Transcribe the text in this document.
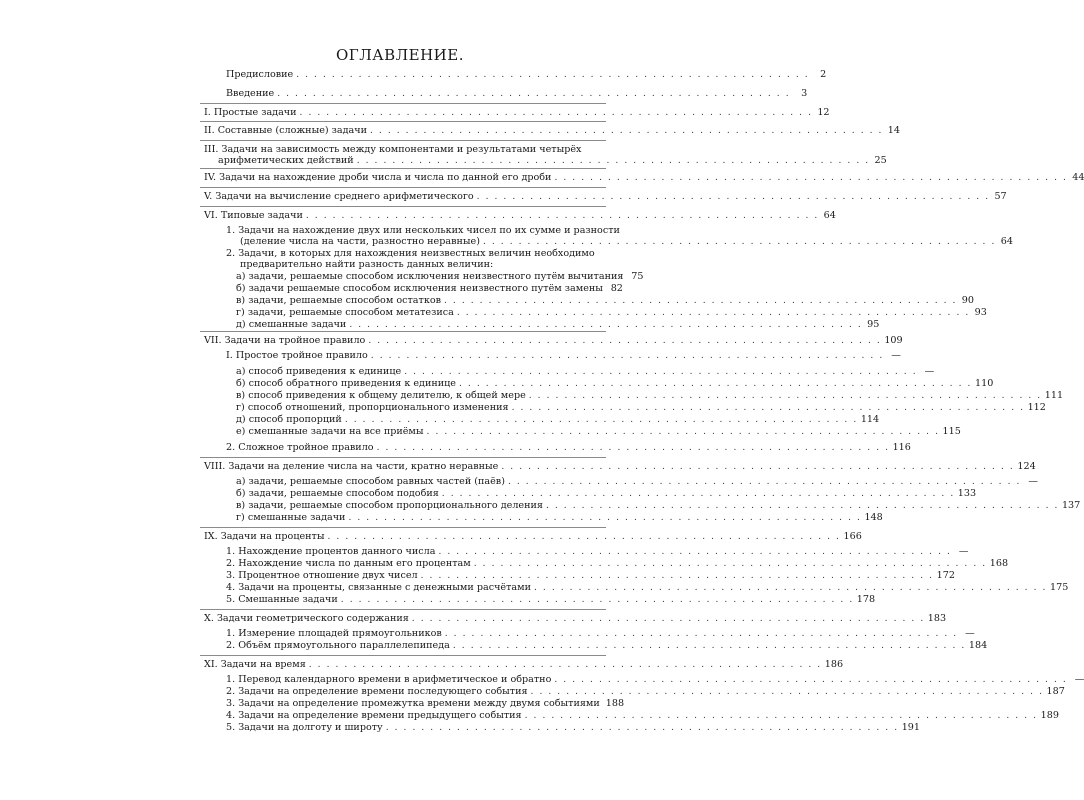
ОГЛАВЛЕНИЕ.
Предисловие . . . . . . . . . . . . . . . . . . . . . . . . . . . . . . . . . . . . . . . . . . . . . . . . . . . . . . . . . .	2
Введение . . . . . . . . . . . . . . . . . . . . . . . . . . . . . . . . . . . . . . . . . . . . . . . . . . . . . . . . . .	3
I. Простые задачи . . . . . . . . . . . . . . . . . . . . . . . . . . . . . . . . . . . . . . . . . . . . . . . . . . . . . . . . . . 12
II. Составные (сложные) задачи . . . . . . . . . . . . . . . . . . . . . . . . . . . . . . . . . . . . . . . . . . . . . . . . . . . . . . . . . . 14
III. Задачи на зависимость между компонентами и результатами четырёх
арифметических действий . . . . . . . . . . . . . . . . . . . . . . . . . . . . . . . . . . . . . . . . . . . . . . . . . . . . . . . . . . 25
IV. Задачи на нахождение дроби числа и числа по данной его дроби . . . . . . . . . . . . . . . . . . . . . . . . . . . . . . . . . . . . . . . . . . . . . . . . . . . . . . . . . . 44
V. Задачи на вычисление среднего арифметического . . . . . . . . . . . . . . . . . . . . . . . . . . . . . . . . . . . . . . . . . . . . . . . . . . . . . . . . . . 57
VI. Типовые задачи . . . . . . . . . . . . . . . . . . . . . . . . . . . . . . . . . . . . . . . . . . . . . . . . . . . . . . . . . . 64
1. Задачи на нахождение двух или нескольких чисел по их сумме и разности
(деление числа на части, разностно неравные) . . . . . . . . . . . . . . . . . . . . . . . . . . . . . . . . . . . . . . . . . . . . . . . . . . . . . . . . . . 64
2. Задачи, в которых для нахождения неизвестных величин необходимо
предварительно найти разность данных величин:
а) задачи, решаемые способом исключения неизвестного путём вычитания 75
б) задачи решаемые способом исключения неизвестного путём замены 82
в) задачи, решаемые способом остатков . . . . . . . . . . . . . . . . . . . . . . . . . . . . . . . . . . . . . . . . . . . . . . . . . . . . . . . . . . 90
г) задачи, решаемые способом метатезиса . . . . . . . . . . . . . . . . . . . . . . . . . . . . . . . . . . . . . . . . . . . . . . . . . . . . . . . . . . 93
д) смешанные задачи . . . . . . . . . . . . . . . . . . . . . . . . . . . . . . . . . . . . . . . . . . . . . . . . . . . . . . . . . . 95
VII. Задачи на тройное правило . . . . . . . . . . . . . . . . . . . . . . . . . . . . . . . . . . . . . . . . . . . . . . . . . . . . . . . . . . 109
I. Простое тройное правило . . . . . . . . . . . . . . . . . . . . . . . . . . . . . . . . . . . . . . . . . . . . . . . . . . . . . . . . . . —
а) способ приведения к единице . . . . . . . . . . . . . . . . . . . . . . . . . . . . . . . . . . . . . . . . . . . . . . . . . . . . . . . . . . —
б) способ обратного приведения к единице . . . . . . . . . . . . . . . . . . . . . . . . . . . . . . . . . . . . . . . . . . . . . . . . . . . . . . . . . . 110
в) способ приведения к общему делителю, к общей мере . . . . . . . . . . . . . . . . . . . . . . . . . . . . . . . . . . . . . . . . . . . . . . . . . . . . . . . . . . 111
г) способ отношений, пропорционального изменения . . . . . . . . . . . . . . . . . . . . . . . . . . . . . . . . . . . . . . . . . . . . . . . . . . . . . . . . . . 112
д) способ пропорций . . . . . . . . . . . . . . . . . . . . . . . . . . . . . . . . . . . . . . . . . . . . . . . . . . . . . . . . . . 114
е) смешанные задачи на все приёмы . . . . . . . . . . . . . . . . . . . . . . . . . . . . . . . . . . . . . . . . . . . . . . . . . . . . . . . . . . 115
2. Сложное тройное правило . . . . . . . . . . . . . . . . . . . . . . . . . . . . . . . . . . . . . . . . . . . . . . . . . . . . . . . . . . 116
VIII. Задачи на деление числа на части, кратно неравные . . . . . . . . . . . . . . . . . . . . . . . . . . . . . . . . . . . . . . . . . . . . . . . . . . . . . . . . . . 124
а) задачи, решаемые способом равных частей (паёв) . . . . . . . . . . . . . . . . . . . . . . . . . . . . . . . . . . . . . . . . . . . . . . . . . . . . . . . . . . —
б) задачи, решаемые способом подобия . . . . . . . . . . . . . . . . . . . . . . . . . . . . . . . . . . . . . . . . . . . . . . . . . . . . . . . . . . 133
в) задачи, решаемые способом пропорционального деления . . . . . . . . . . . . . . . . . . . . . . . . . . . . . . . . . . . . . . . . . . . . . . . . . . . . . . . . . . 137
г) смешанные задачи . . . . . . . . . . . . . . . . . . . . . . . . . . . . . . . . . . . . . . . . . . . . . . . . . . . . . . . . . . 148
IX. Задачи на проценты . . . . . . . . . . . . . . . . . . . . . . . . . . . . . . . . . . . . . . . . . . . . . . . . . . . . . . . . . . 166
1. Нахождение процентов данного числа . . . . . . . . . . . . . . . . . . . . . . . . . . . . . . . . . . . . . . . . . . . . . . . . . . . . . . . . . . —
2. Нахождение числа по данным его процентам . . . . . . . . . . . . . . . . . . . . . . . . . . . . . . . . . . . . . . . . . . . . . . . . . . . . . . . . . . 168
3. Процентное отношение двух чисел . . . . . . . . . . . . . . . . . . . . . . . . . . . . . . . . . . . . . . . . . . . . . . . . . . . . . . . . . . 172
4. Задачи на проценты, связанные с денежными расчётами . . . . . . . . . . . . . . . . . . . . . . . . . . . . . . . . . . . . . . . . . . . . . . . . . . . . . . . . . . 175
5. Смешанные задачи . . . . . . . . . . . . . . . . . . . . . . . . . . . . . . . . . . . . . . . . . . . . . . . . . . . . . . . . . . 178
X. Задачи геометрического содержания . . . . . . . . . . . . . . . . . . . . . . . . . . . . . . . . . . . . . . . . . . . . . . . . . . . . . . . . . . 183
1. Измерение площадей прямоугольников . . . . . . . . . . . . . . . . . . . . . . . . . . . . . . . . . . . . . . . . . . . . . . . . . . . . . . . . . . —
2. Объём прямоугольного параллелепипеда . . . . . . . . . . . . . . . . . . . . . . . . . . . . . . . . . . . . . . . . . . . . . . . . . . . . . . . . . . 184
XI. Задачи на время . . . . . . . . . . . . . . . . . . . . . . . . . . . . . . . . . . . . . . . . . . . . . . . . . . . . . . . . . . 186
1. Перевод календарного времени в арифметическое и обратно . . . . . . . . . . . . . . . . . . . . . . . . . . . . . . . . . . . . . . . . . . . . . . . . . . . . . . . . . . —
2. Задачи на определение времени последующего события . . . . . . . . . . . . . . . . . . . . . . . . . . . . . . . . . . . . . . . . . . . . . . . . . . . . . . . . . . 187
3. Задачи на определение промежутка времени между двумя событиями 188
4. Задачи на определение времени предыдущего события . . . . . . . . . . . . . . . . . . . . . . . . . . . . . . . . . . . . . . . . . . . . . . . . . . . . . . . . . . 189
5. Задачи на долготу и широту . . . . . . . . . . . . . . . . . . . . . . . . . . . . . . . . . . . . . . . . . . . . . . . . . . . . . . . . . . 191
